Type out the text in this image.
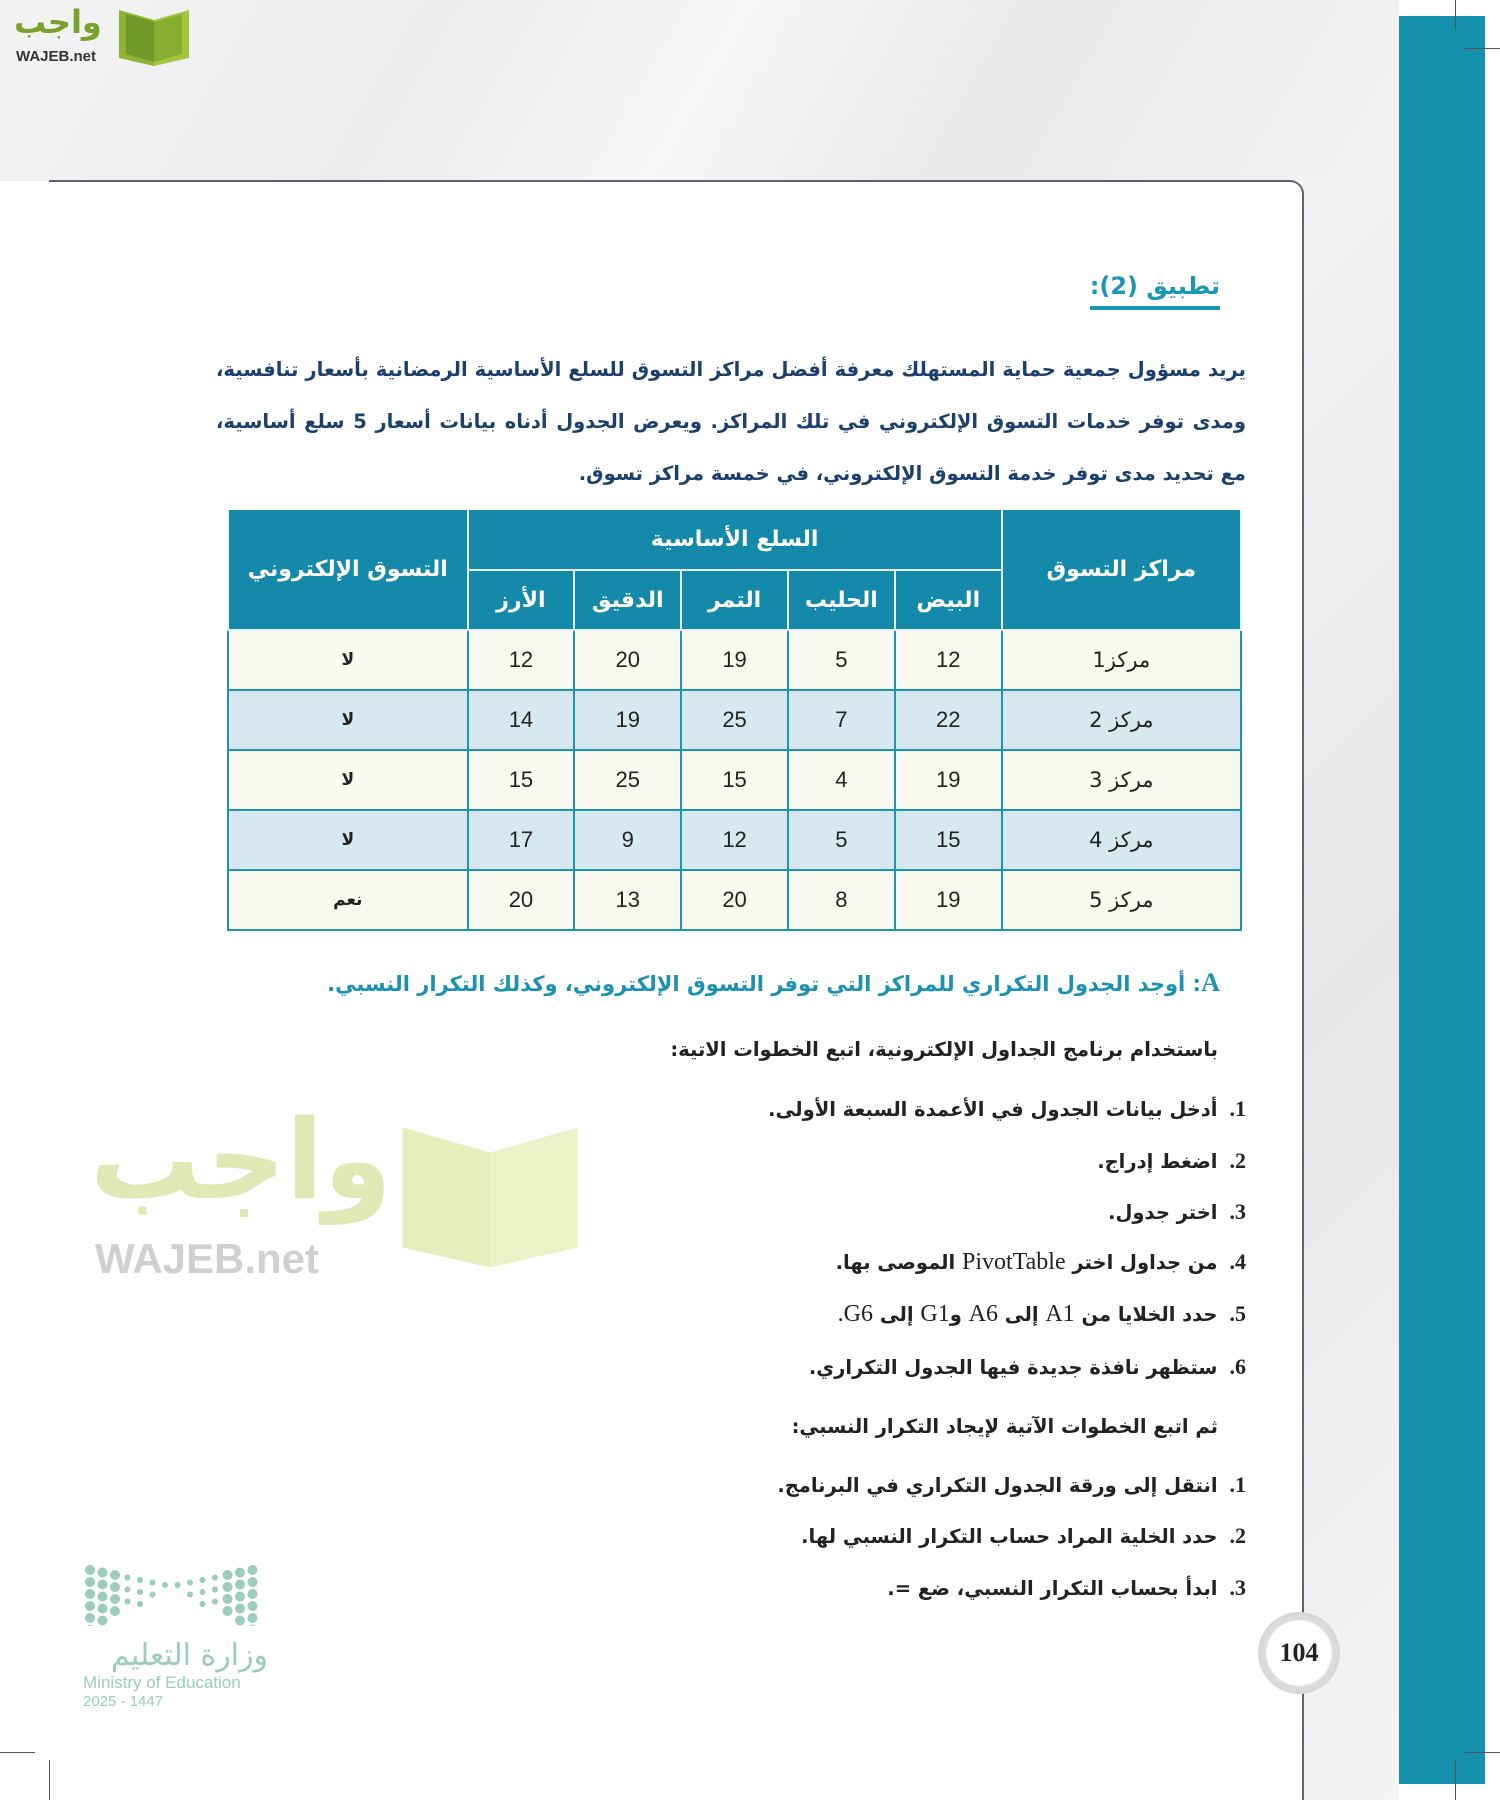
واجب
WAJEB.net
تطبيق (2):

يريد مسؤول جمعية حماية المستهلك معرفة أفضل مراكز التسوق للسلع الأساسية الرمضانية بأسعار تنافسية، ومدى توفر خدمات التسوق الإلكتروني في تلك المراكز. ويعرض الجدول أدناه بيانات أسعار 5 سلع أساسية، مع تحديد مدى توفر خدمة التسوق الإلكتروني، في خمسة مراكز تسوق.

مراكز التسوق	السلع الأساسية					التسوق الإلكتروني
	البيض	الحليب	التمر	الدقيق	الأرز	
مركز1	12	5	19	20	12	لا
مركز 2	22	7	25	19	14	لا
مركز 3	19	4	15	25	15	لا
مركز 4	15	5	12	9	17	لا
مركز 5	19	8	20	13	20	نعم
واجب
WAJEB.net
A: أوجد الجدول التكراري للمراكز التي توفر التسوق الإلكتروني، وكذلك التكرار النسبي.
باستخدام برنامج الجداول الإلكترونية، اتبع الخطوات الاتية:
1.أدخل بيانات الجدول في الأعمدة السبعة الأولى.
2.اضغط إدراج.
3.اختر جدول.
4.من جداول اختر PivotTable الموصى بها.
5.حدد الخلايا من A1 إلى A6 وG1 إلى G6.
6.ستظهر نافذة جديدة فيها الجدول التكراري.
ثم اتبع الخطوات الآتية لإيجاد التكرار النسبي:
1.انتقل إلى ورقة الجدول التكراري في البرنامج.
2.حدد الخلية المراد حساب التكرار النسبي لها.
3.ابدأ بحساب التكرار النسبي، ضع =.
104
وزارة التعليم
Ministry of Education
2025 - 1447
